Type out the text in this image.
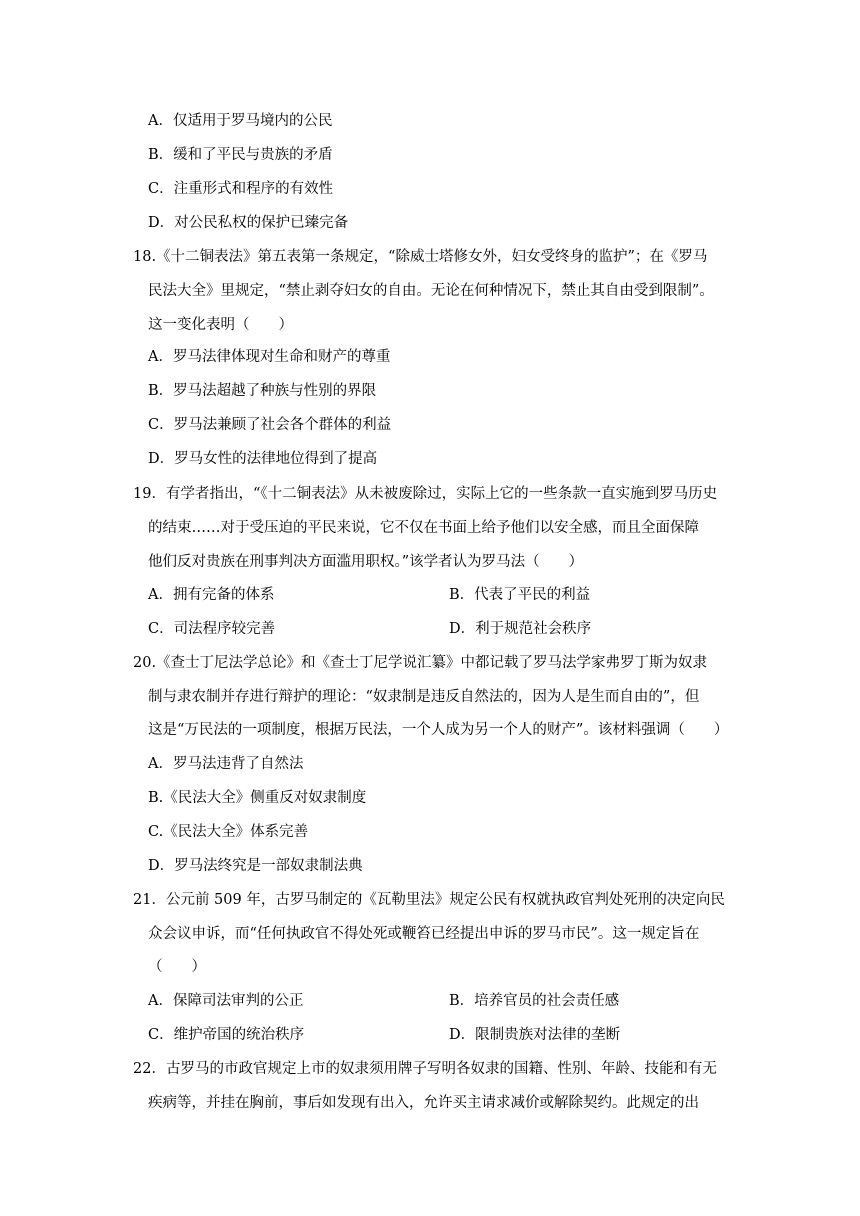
A．仅适用于罗马境内的公民
B．缓和了平民与贵族的矛盾
C．注重形式和程序的有效性
D．对公民私权的保护已臻完备
18.《十二铜表法》第五表第一条规定，“除威士塔修女外，妇女受终身的监护”；在《罗马
民法大全》里规定，“禁止剥夺妇女的自由。无论在何种情况下，禁止其自由受到限制”。
这一变化表明（　　）
A．罗马法律体现对生命和财产的尊重
B．罗马法超越了种族与性别的界限
C．罗马法兼顾了社会各个群体的利益
D．罗马女性的法律地位得到了提高
19．有学者指出，“《十二铜表法》从未被废除过，实际上它的一些条款一直实施到罗马历史
的结束……对于受压迫的平民来说，它不仅在书面上给予他们以安全感，而且全面保障
他们反对贵族在刑事判决方面滥用职权。”该学者认为罗马法（　　）
A．拥有完备的体系	B．代表了平民的利益
C．司法程序较完善	D．利于规范社会秩序
20.《查士丁尼法学总论》和《查士丁尼学说汇纂》中都记载了罗马法学家弗罗丁斯为奴隶
制与隶农制并存进行辩护的理论：“奴隶制是违反自然法的，因为人是生而自由的”，但
这是“万民法的一项制度，根据万民法，一个人成为另一个人的财产”。该材料强调（　　）
A．罗马法违背了自然法
B.《民法大全》侧重反对奴隶制度
C.《民法大全》体系完善
D．罗马法终究是一部奴隶制法典
21．公元前 509 年，古罗马制定的《瓦勒里法》规定公民有权就执政官判处死刑的决定向民
众会议申诉，而“任何执政官不得处死或鞭笞已经提出申诉的罗马市民”。这一规定旨在
（　　）
A．保障司法审判的公正	B．培养官员的社会责任感
C．维护帝国的统治秩序	D．限制贵族对法律的垄断
22．古罗马的市政官规定上市的奴隶须用牌子写明各奴隶的国籍、性别、年龄、技能和有无
疾病等，并挂在胸前，事后如发现有出入，允许买主请求减价或解除契约。此规定的出
